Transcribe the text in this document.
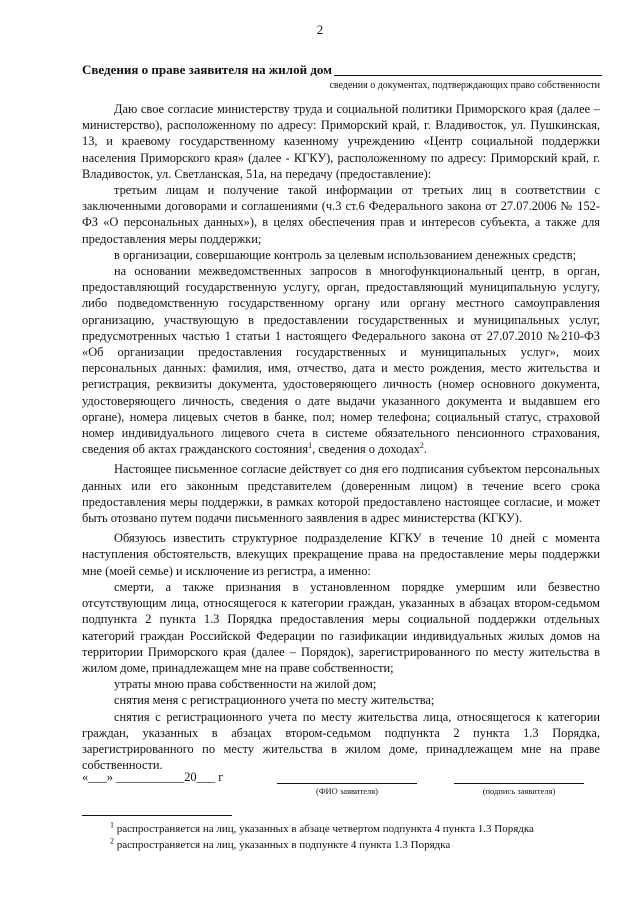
2
Сведения о праве заявителя на жилой дом
сведения о документах, подтверждающих право собственности

Даю свое согласие министерству труда и социальной политики Приморского края (далее – министерство), расположенному по адресу: Приморский край, г. Владивосток, ул. Пушкинская, 13, и краевому государственному казенному учреждению «Центр социальной поддержки населения Приморского края» (далее - КГКУ), расположенному по адресу: Приморский край, г. Владивосток, ул. Светланская, 51а, на передачу (предоставление):

третьим лицам и получение такой информации от третьих лиц в соответствии с заключенными договорами и соглашениями (ч.3 ст.6 Федерального закона от 27.07.2006 № 152-ФЗ «О персональных данных»), в целях обеспечения прав и интересов субъекта, а также для предоставления меры поддержки;

в организации, совершающие контроль за целевым использованием денежных средств;

на основании межведомственных запросов в многофункциональный центр, в орган, предоставляющий государственную услугу, орган, предоставляющий муниципальную услугу, либо подведомственную государственному органу или органу местного самоуправления организацию, участвующую в предоставлении государственных и муниципальных услуг, предусмотренных частью 1 статьи 1 настоящего Федерального закона от 27.07.2010 №210-ФЗ «Об организации предоставления государственных и муниципальных услуг», моих персональных данных: фамилия, имя, отчество, дата и место рождения, место жительства и регистрация, реквизиты документа, удостоверяющего личность (номер основного документа, удостоверяющего личность, сведения о дате выдачи указанного документа и выдавшем его органе), номера лицевых счетов в банке, пол; номер телефона; социальный статус, страховой номер индивидуального лицевого счета в системе обязательного пенсионного страхования, сведения об актах гражданского состояния$^1$, сведения о доходах$^2$.

Настоящее письменное согласие действует со дня его подписания субъектом персональных данных или его законным представителем (доверенным лицом) в течение всего срока предоставления меры поддержки, в рамках которой предоставлено настоящее согласие, и может быть отозвано путем подачи письменного заявления в адрес министерства (КГКУ).

Обязуюсь известить структурное подразделение КГКУ в течение 10 дней с момента наступления обстоятельств, влекущих прекращение права на предоставление меры поддержки мне (моей семье) и исключение из регистра, а именно:

смерти, а также признания в установленном порядке умершим или безвестно отсутствующим лица, относящегося к категории граждан, указанных в абзацах втором-седьмом подпункта 2 пункта 1.3 Порядка предоставления меры социальной поддержки отдельных категорий граждан Российской Федерации по газификации индивидуальных жилых домов на территории Приморского края (далее – Порядок), зарегистрированного по месту жительства в жилом доме, принадлежащем мне на праве собственности;

утраты мною права собственности на жилой дом;

снятия меня с регистрационного учета по месту жительства;

снятия с регистрационного учета по месту жительства лица, относящегося к категории граждан, указанных в абзацах втором-седьмом подпункта 2 пункта 1.3 Порядка, зарегистрированного по месту жительства в жилом доме, принадлежащем мне на праве собственности.

«___» ___________20___ г
(ФИО заявителя)	(подпись заявителя)

$^1$ распространяется на лиц, указанных в абзаце четвертом подпункта 4 пункта 1.3 Порядка

$^2$ распространяется на лиц, указанных в подпункте 4 пункта 1.3 Порядка
